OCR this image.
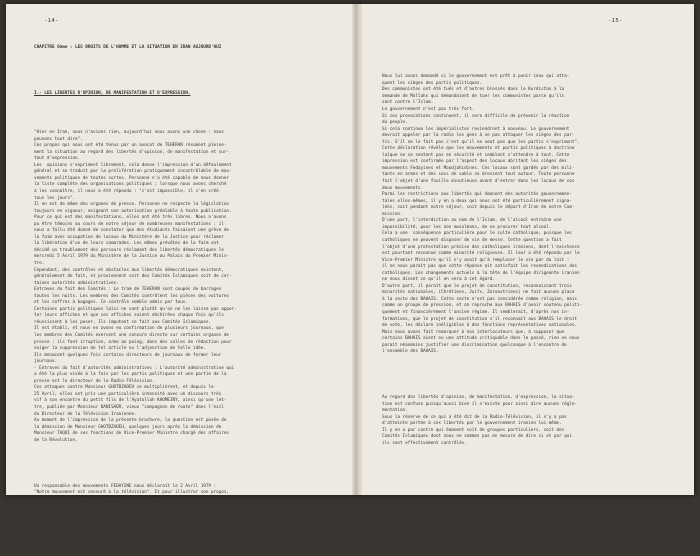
-14-

CHAPITRE 6ème : LES DROITS DE L'HOMME ET LA SITUATION EN IRAN AUJOURD'HUI

I.- LES LIBERTES D'OPINION, DE MANIFESTATION ET D'EXPRESSION.

"Hier en Iran, nous n'avions rien, aujourd'hui nous avons une chose : nous

pouvons tout dire".

Ces propos qui nous ont été tenus par un avocat de TEHERAN résument pleine-

ment la situation au regard des libertés d'opinion, de manifestation et sur-

tout d'expression.

Les  opinions s'expriment librement, cela donne l'impression d'un défoulement

général et se traduit par la prolifération pratiquement incontrôlable de mou-

vements politiques de toutes sortes. Personne n'a été capable de nous donner

la liste complète des organisations politiques ; lorsque nous avons cherché

à les connaître, il nous a été répondu : "c'est impossible, il s'en créé

tous les jours".

Il en est de même des organes de presse. Personne ne respecte la législation

toujours en vigueur, exigeant une autorisation préalable à toute publication.

Pour ce qui est des manifestations, elles ont été très libres. Nous n'avons

pu être témoins au cours de notre séjour de nombreuses manifestations : il

nous a fallu été donné de constater que des étudiants faisaient une grève de

la faim avec occupation de locaux du Ministère de la Justice pour réclamer

la libération d'un de leurs camarades. Les mêmes prévôtes de la faim ont

décidé un troublement des parcours réclamant des libertés démocratiques le

mercredi 5 Avril 1979 du Ministère de la Justice au Palais du Premier Minis-

tre.

Cependant, des contrôles et obstacles aux libertés démocratiques existent,

généralement de fait, et proviennent soit des Comités Islamiques soit de cer-

taines autorités administratives.

Entraves du fait des Comités : Le tram de TEHERAN sont coupés de barrages

toutes les nuits. Les membres des Comités contrôlent les pièces des voitures

et les coffres à bagages. Ce contrôle semble admis par tous.

Certaines partis politiques laïcs ne sont plutôt qu'on ne les laisse pas appor-

ter leurs affiches et que ces affiches soient déchirées chaque fois qu'ils

réussissent à les poser. Ils imputent ce fait aux Comités Islamiques.

Il est établi, et nous en avons eu confirmation de plusieurs journaux, que

les membres des Comités exercent une censure directe sur certains organes de

presse : ils font irruption, arme au poing, dans des salles de rédaction pour

exiger la suppression de tel article ou l'adjonction de telle idée.

Ils menacent quelques fois certains directeurs de journaux de fermer leur

journaux.

- Entraves du fait d'autorités administratives : L'autorité administrative qui

a été la plus visée à la fois par les partis politiques et une partie de la

presse est le directeur de la Radio-Télévision.

Ces attaques contre Monsieur GHOTBZADEH se multiplièrent, et depuis le

25 Avril, elles ont pris une particulière intensité avec un discours très

vif à son encontre du petit fils de l'Ayatollah KHOMEINY, ainsi qu'une let-

tre, publiée par Monsieur BANISADR, vieux "compagnon de route" dans l'exil

du Directeur de la Télévision Iranienne.

Au moment de l'impression de la présente brochure, la question est posée de

la démission de Monsieur GHOTBZADEH, quelques jours après la démission de

Monsieur TAQUI de ses fonctions de Vice-Premier Ministre chargé des affaires

de la Révolution.

Un responsable des mouvements FEDAYINE nous déclarait le 2 Avril 1979 :

"Notre mouvement est censuré à la télévision". Et pour illustrer son propos,

il nous donne l'exemple du communiqué d'un groupe théâtral qui devait être

diffusé à la Radio. Le Directeur de la Radio aurait supprimé de sa main tous

les passages doubl communiqué faisant référence aux Fedayines et Moudjahidines.

Et ce responsable Fedayine de conclure :

"Nous avons écrit au gouvernement une lettre ouverte pour lui dire que nous

le soutenions et pour protester contre les attaques dont les partis sont

l'objet ...

-15-

Nous lui avons demandé si le gouvernement est prêt à punir ceux qui atta-

quent les sièges des partis politiques.

Des communistes ont été tués et d'autres blessés dans le Kurdistan à la

demande de Mollahs qui demandaient de tuer les communistes parce qu'ils

sont contre l'Islam.

Le gouvernement n'est pas très fort.

Si ces provocations continuent, il sera difficile de prévenir la réaction

du peuple.

Si cela continue les impérialistes reviendront à nouveau. Le gouvernement

devrait appeler par la radio les gens à ne pas attaquer les sièges des par-

tis. S'il ne le fait pas c'est qu'il ne veut pas que les partis s'expriment".

Cette déclaration révèle que les mouvements et partis politiques à doctrine

laïque ne se sentent pas en sécurité et semblent s'attendre à tout. Cette

impression est confirmée par l'aspect des locaux abritant les sièges des

mouvements Fedayines et Moudjahidines. Ces locaux sont gardés par des mili-

tants en armes et des sacs de sable se dressent tout autour. Toute personne

fait l'objet d'une fouille minutieuse avant d'entrer dans les locaux de ces

deux mouvements.

Parmi les restrictions aux libertés qui émanent des autorités gouvernemen-

tales elles-mêmes, il y en a deux qui nous ont été particulièrement signa-

lées, soit pendant notre séjour, soit depuis le départ d'Iran de notre Com-

mission.

D'une part, l'interdiction au nom de l'Islam, de l'alcool entraîne une

impossibilité, pour les non musulmans, de se procurer tout alcool.

Cela a une  conséquence particulière pour le culte catholique, puisque les

catholiques ne peuvent disposer de vin de messe. Cette question a fait

l'objet d'une protestation précise des catholiques iraniens, dont l'existence

est pourtant reconnue comme minorité religieuse. Il leur a été répondu par le

Vice-Premier Ministre qu'il n'y avait qu'à remplacer le vin par du lait :

il ne nous paraît pas que cette réponse ait satisfait les revendications des

catholiques. Les changements actuels à la tête de l'équipe dirigeante iranien

ne nous disent ce qu'il en sera à cet égard.

D'autre part, il paraît que le projet de constitution, reconnaissant trois

minorités nationales, (Chrétiens, Juifs, Zoroastriens) ne fait aucune place

à la secte des BAHAIS. Cette secte n'est pas considérée comme religion, mais

comme un groupe de pression, et on reproche aux BAHAIS d'avoir soutenu politi-

quement et financièrement l'ancien régime. Il semblerait, d'après nos in-

formations, que le projet de constitution s'il reconnaît aux BAHAIS le droit

de vote, les déclare inéligibles à des fonctions représentatives nationales.

Mais nous avons fait remarquer à nos interlocuteurs que, à supposer que

certains BAHAIS aient eu une attitude critiquable dans le passé, rien ne nous

paraît néanmoins justifier une discrimination quelconque à l'encontre de

l'ensemble des BAHAIS.

Au regard des libertés d'opinion, de manifestation, d'expression, la situa-

tion est confuse puisqu'aussi bien il n'existe pour ainsi dire aucune régle-

mentation.

Sous la réserve de ce qui a été dit de la Radio-Télévision, il n'y a pas

d'atteinte portée à ces libertés par le gouvernement iranien lui-même.

Il y en a par contre qui émanent soit de groupes particuliers, soit des

Comités Islamiques dont nous ne sommes pas en mesure de dire si et par qui

ils sont effectivement contrôlés.
